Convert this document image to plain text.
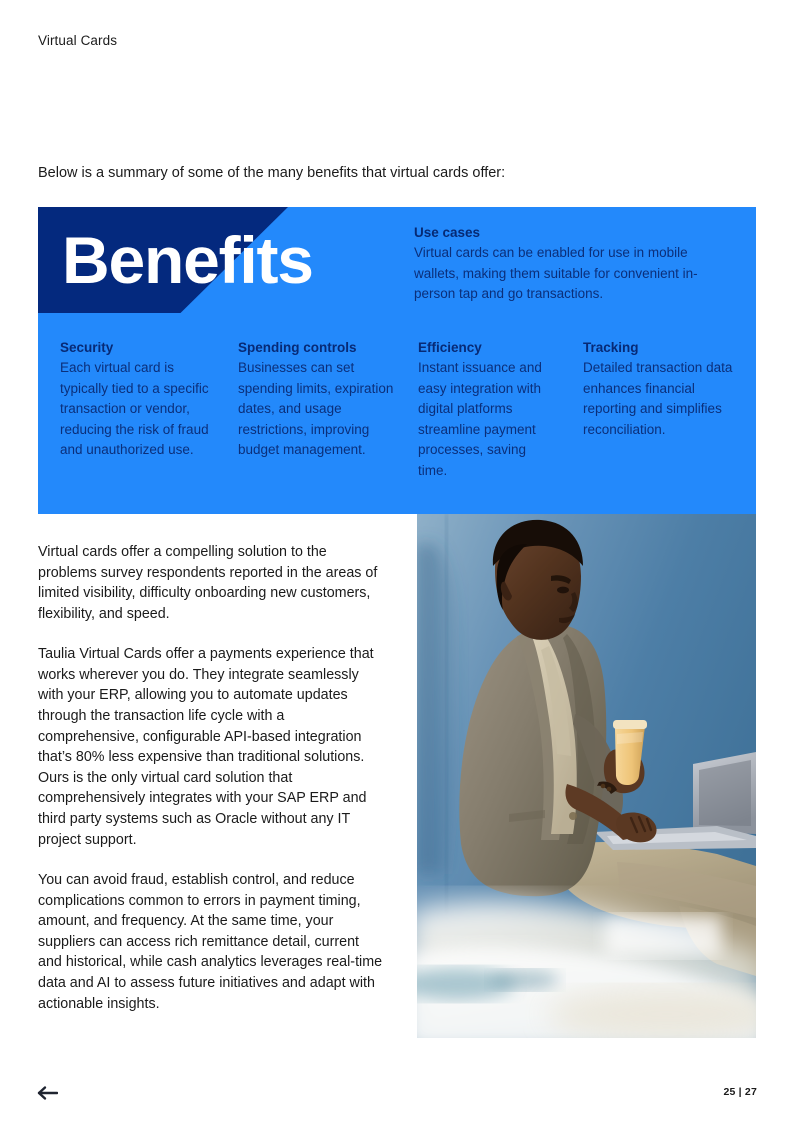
Virtual Cards
Below is a summary of some of the many benefits that virtual cards offer:
Benefits	Use cases
Virtual cards can be enabled for use in mobile wallets, making them suitable for convenient in-person tap and go transactions.
Security
Each virtual card is typically tied to a specific transaction or vendor, reducing the risk of fraud and unauthorized use.
Spending controls
Businesses can set spending limits, expiration dates, and usage restrictions, improving budget management.
Efficiency
Instant issuance and easy integration with digital platforms streamline payment processes, saving time.
Tracking
Detailed transaction data enhances financial reporting and simplifies reconciliation.

Virtual cards offer a compelling solution to the problems survey respondents reported in the areas of limited visibility, difficulty onboarding new customers, flexibility, and speed.

Taulia Virtual Cards offer a payments experience that works wherever you do. They integrate seamlessly with your ERP, allowing you to automate updates through the transaction life cycle with a comprehensive, configurable API-based integration that’s 80% less expensive than traditional solutions. Ours is the only virtual card solution that comprehensively integrates with your SAP ERP and third party systems such as Oracle without any IT project support.

You can avoid fraud, establish control, and reduce complications common to errors in payment timing, amount, and frequency. At the same time, your suppliers can access rich remittance detail, current and historical, while cash analytics leverages real-time data and AI to assess future initiatives and adapt with actionable insights.

25 | 27
